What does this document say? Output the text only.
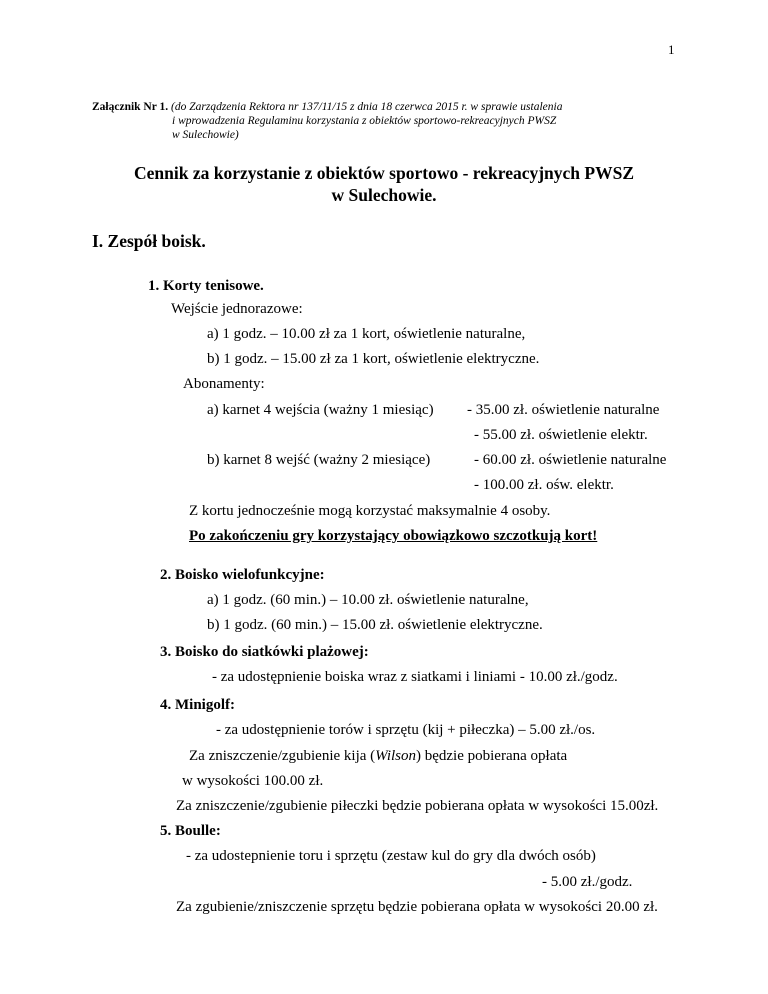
1
Załącznik Nr 1. (do Zarządzenia Rektora nr 137/11/15 z dnia 18 czerwca 2015 r. w sprawie ustalenia
i wprowadzenia Regulaminu korzystania z obiektów sportowo-rekreacyjnych PWSZ
w Sulechowie)
Cennik za korzystanie z obiektów sportowo - rekreacyjnych PWSZ
w Sulechowie.
I. Zespół boisk.
1. Korty tenisowe.
Wejście jednorazowe:
a) 1 godz. – 10.00 zł za 1 kort, oświetlenie naturalne,
b) 1 godz. – 15.00 zł za 1 kort, oświetlenie elektryczne.
Abonamenty:
a) karnet 4 wejścia (ważny 1 miesiąc) - 35.00 zł. oświetlenie naturalne
- 55.00 zł. oświetlenie elektr.
b) karnet 8 wejść (ważny 2 miesiące)	- 60.00 zł. oświetlenie naturalne
- 100.00 zł. ośw. elektr.
Z kortu jednocześnie mogą korzystać maksymalnie 4 osoby.
Po zakończeniu gry korzystający obowiązkowo szczotkują kort!
2. Boisko wielofunkcyjne:
a) 1 godz. (60 min.) – 10.00 zł. oświetlenie naturalne,
b) 1 godz. (60 min.) – 15.00 zł. oświetlenie elektryczne.
3. Boisko do siatkówki plażowej:
- za udostępnienie boiska wraz z siatkami i liniami - 10.00 zł./godz.
4. Minigolf:
- za udostępnienie torów i sprzętu (kij + piłeczka) – 5.00 zł./os.
Za zniszczenie/zgubienie kija (Wilson) będzie pobierana opłata
w wysokości 100.00 zł.
Za zniszczenie/zgubienie piłeczki będzie pobierana opłata w wysokości 15.00zł.
5. Boulle:
- za udostepnienie toru i sprzętu (zestaw kul do gry dla dwóch osób)
- 5.00 zł./godz.
Za zgubienie/zniszczenie sprzętu będzie pobierana opłata w wysokości 20.00 zł.
